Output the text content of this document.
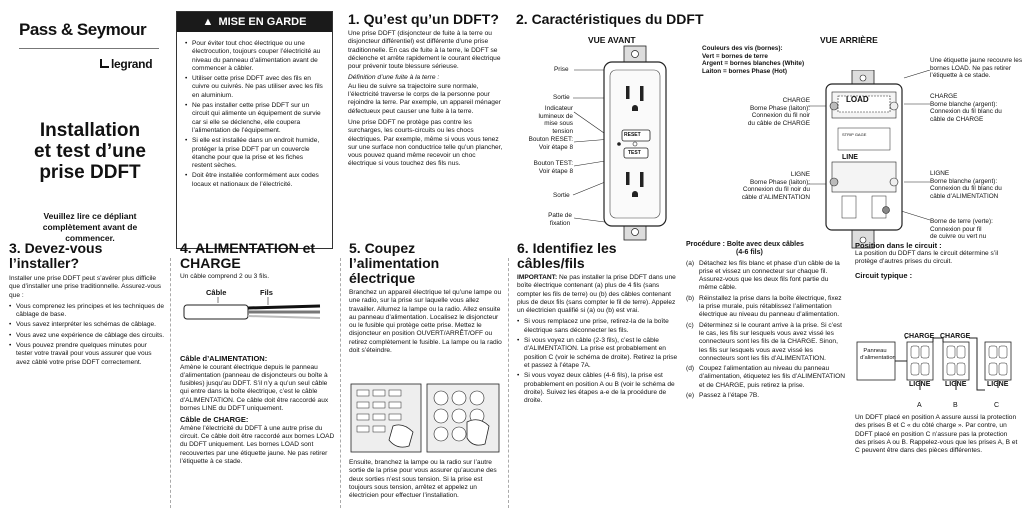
Pass & Seymour
legrand
Installation
et test d’une
prise DDFT
Veuillez lire ce dépliant complètement avant de commencer.
▲ MISE EN GARDE
• Pour éviter tout choc électrique ou une électrocution, toujours couper l’électricité au niveau du panneau d’alimentation avant de commencer à câbler.
• Utiliser cette prise DDFT avec des fils en cuivre ou cuivrés. Ne pas utiliser avec les fils en aluminium.
• Ne pas installer cette prise DDFT sur un circuit qui alimente un équipement de survie car si elle se déclenche, elle coupera l’alimentation de l’équipement.
• Si elle est installée dans un endroit humide, protéger la prise DDFT par un couvercle étanche pour que la prise et les fiches restent sèches.
• Doit être installée conformément aux codes locaux et nationaux de l’électricité.
1. Qu’est qu’un DDFT?
Une prise DDFT (disjoncteur de fuite à la terre ou disjoncteur différentiel) est différente d’une prise traditionnelle. En cas de fuite à la terre, le DDFT se déclenche et arrête rapidement le courant électrique pour prévenir toute blessure sérieuse.
Définition d’une fuite à la terre :
Au lieu de suivre sa trajectoire sure normale, l’électricité traverse le corps de la personne pour rejoindre la terre. Par exemple, un appareil ménager défectueux peut causer une fuite à la terre.
Une prise DDFT ne protège pas contre les surcharges, les courts-circuits ou les chocs électriques. Par exemple, même si vous vous tenez sur une surface non conductrice telle qu’un plancher, vous pouvez quand même recevoir un choc électrique si vous touchez des fils nus.
2. Caractéristiques du DDFT
VUE AVANT	VUE ARRIÈRE
Prise
Sortie
Indicateur lumineux de mise sous tension
Bouton RESET: Voir étape 8
Bouton TEST: Voir étape 8
Sortie
Patte de fixation
RESET
TEST
Couleurs des vis (bornes):
Vert = bornes de terre
Argent = bornes blanches (White)
Laiton = bornes Phase (Hot)
CHARGE
Borne Phase (laiton):
Connexion du fil noir
du câble de CHARGE
LIGNE
Borne Phase (laiton):
Connexion du fil noir du
câble d’ALIMENTATION
Une étiquette jaune recouvre les bornes LOAD. Ne pas retirer l’étiquette à ce stade.
CHARGE
Borne blanche (argent):
Connexion du fil blanc du
câble de CHARGE
LIGNE
Borne blanche (argent):
Connexion du fil blanc du
câble d’ALIMENTATION
Borne de terre (verte):
Connexion pour fil
de cuivre ou vert nu
LOAD
LINE
STRIP GAGE
3. Devez-vous l’installer?
Installer une prise DDFT peut s’avérer plus difficile que d’installer une prise traditionnelle. Assurez-vous que :
• Vous comprenez les principes et les techniques de câblage de base.
• Vous savez interpréter les schémas de câblage.
• Vous avez une expérience de câblage des circuits.
• Vous pouvez prendre quelques minutes pour tester votre travail pour vous assurer que vous avez câblé votre prise DDFT correctement.
4. ALIMENTATION et
CHARGE
Un câble comprend 2 ou 3 fils.
Câble	Fils
Câble d’ALIMENTATION:
Amène le courant électrique depuis le panneau d’alimentation (panneau de disjoncteurs ou boîte à fusibles) jusqu’au DDFT. S’il n’y a qu’un seul câble qui entre dans la boîte électrique, c’est le câble d’ALIMENTATION. Ce câble doit être raccordé aux bornes LINE du DDFT uniquement.
Câble de CHARGE:
Amène l’électricité du DDFT à une autre prise du circuit. Ce câble doit être raccordé aux bornes LOAD du DDFT uniquement. Les bornes LOAD sont recouvertes par une étiquette jaune. Ne pas retirer l’étiquette à ce stade.
5. Coupez l’alimentation
électrique
Branchez un appareil électrique tel qu’une lampe ou une radio, sur la prise sur laquelle vous allez travailler. Allumez la lampe ou la radio. Allez ensuite au panneau d’alimentation. Localisez le disjoncteur ou le fusible qui protège cette prise. Mettez le disjoncteur en position OUVERT/ARRÊT/OFF ou retirez complètement le fusible. La lampe ou la radio doit s’éteindre.
Ensuite, branchez la lampe ou la radio sur l’autre sortie de la prise pour vous assurer qu’aucune des deux sorties n’est sous tension. Si la prise est toujours sous tension, arrêtez et appelez un électricien pour effectuer l’installation.
6. Identifiez les câbles/fils
IMPORTANT: Ne pas installer la prise DDFT dans une boîte électrique contenant (a) plus de 4 fils (sans compter les fils de terre) ou (b) des câbles contenant plus de deux fils (sans compter le fil de terre). Appelez un électricien qualifié si (a) ou (b) est vrai.
• Si vous remplacez une prise, retirez-la de la boîte électrique sans déconnecter les fils.
• Si vous voyez un câble (2-3 fils), c’est le câble d’ALIMENTATION. La prise est probablement en position C (voir le schéma de droite). Retirez la prise et passez à l’étape 7A.
• Si vous voyez deux câbles (4-6 fils), la prise est probablement en position A ou B (voir le schéma de droite). Suivez les étapes a-e de la procédure de droite.
Procédure : Boîte avec deux câbles
(4-6 fils)
(a) Détachez les fils blanc et phase d’un câble de la prise et vissez un connecteur sur chaque fil. Assurez-vous que les deux fils font partie du même câble.
(b) Réinstallez la prise dans la boîte électrique, fixez la prise murale, puis rétablissez l’alimentation électrique au niveau du panneau d’alimentation.
(c) Déterminez si le courant arrive à la prise. Si c’est le cas, les fils sur lesquels vous avez vissé les connecteurs sont les fils de la CHARGE. Sinon, les fils sur lesquels vous avez vissé les connecteurs sont les fils d’ALIMENTATION.
(d) Coupez l’alimentation au niveau du panneau d’alimentation, étiquetez les fils d’ALIMENTATION et de CHARGE, puis retirez la prise.
(e) Passez à l’étape 7B.
Position dans le circuit :
La position du DDFT dans le circuit détermine s’il protège d’autres prises du circuit.
Circuit typique :
Panneau d’alimentation
CHARGE CHARGE
LIGNE LIGNE	LIGNE
A	B	C
Un DDFT placé en position A assure aussi la protection des prises B et C « du côté charge ». Par contre, un DDFT placé en position C n’assure pas la protection des prises A ou B. Rappelez-vous que les prises A, B et C peuvent être dans des pièces différentes.
